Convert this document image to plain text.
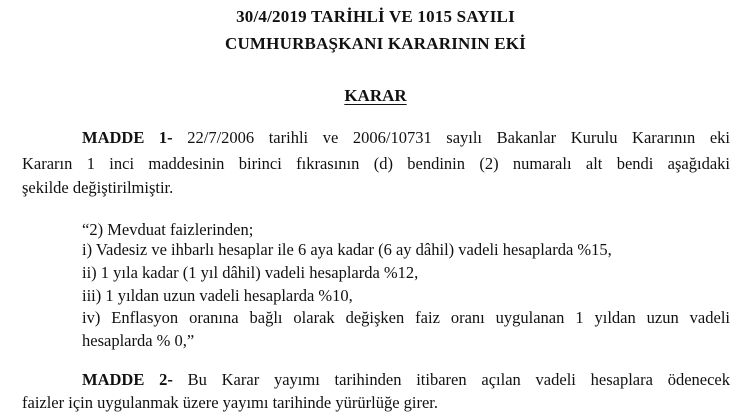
30/4/2019 TARİHLİ VE 1015 SAYILI
CUMHURBAŞKANI KARARININ EKİ
KARAR
MADDE 1- 22/7/2006 tarihli ve 2006/10731 sayılı Bakanlar Kurulu Kararının eki
Kararın 1 inci maddesinin birinci fıkrasının (d) bendinin (2) numaralı alt bendi aşağıdaki
şekilde değiştirilmiştir.
“2) Mevduat faizlerinden;
i) Vadesiz ve ihbarlı hesaplar ile 6 aya kadar (6 ay dâhil) vadeli hesaplarda %15,
ii) 1 yıla kadar (1 yıl dâhil) vadeli hesaplarda %12,
iii) 1 yıldan uzun vadeli hesaplarda %10,
iv) Enflasyon oranına bağlı olarak değişken faiz oranı uygulanan 1 yıldan uzun vadeli
hesaplarda % 0,”
MADDE 2- Bu Karar yayımı tarihinden itibaren açılan vadeli hesaplara ödenecek
faizler için uygulanmak üzere yayımı tarihinde yürürlüğe girer.
